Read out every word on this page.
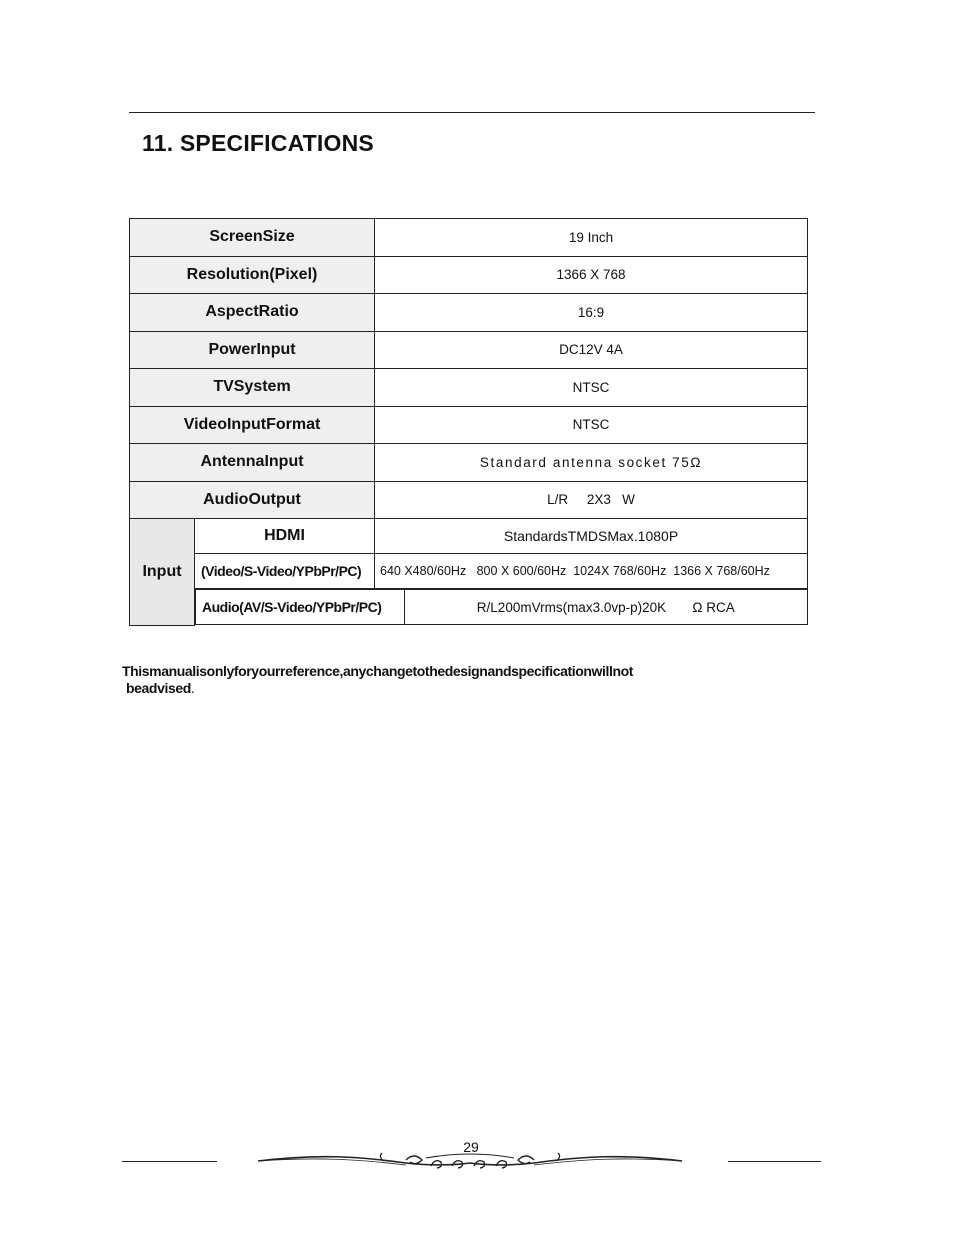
11. SPECIFICATIONS
ScreenSize	19 Inch
Resolution(Pixel)	1366 X 768
AspectRatio	16:9
PowerInput	DC12V 4A
TVSystem	NTSC
VideoInputFormat	NTSC
AntennaInput	Standard antenna socket 75Ω
AudioOutput	L/R     2X3   W
Input	HDMI	StandardsTMDSMax.1080P
(Video/S-Video/YPbPr/PC)	640 X480/60Hz   800 X 600/60Hz  1024X 768/60Hz  1366 X 768/60Hz

Audio(AV/S-Video/YPbPr/PC)	R/L200mVrms(max3.0vp-p)20K       Ω RCA
Thismanualisonlyforyourreference,anychangetothedesignandspecificationwillnot
beadvised.
29
